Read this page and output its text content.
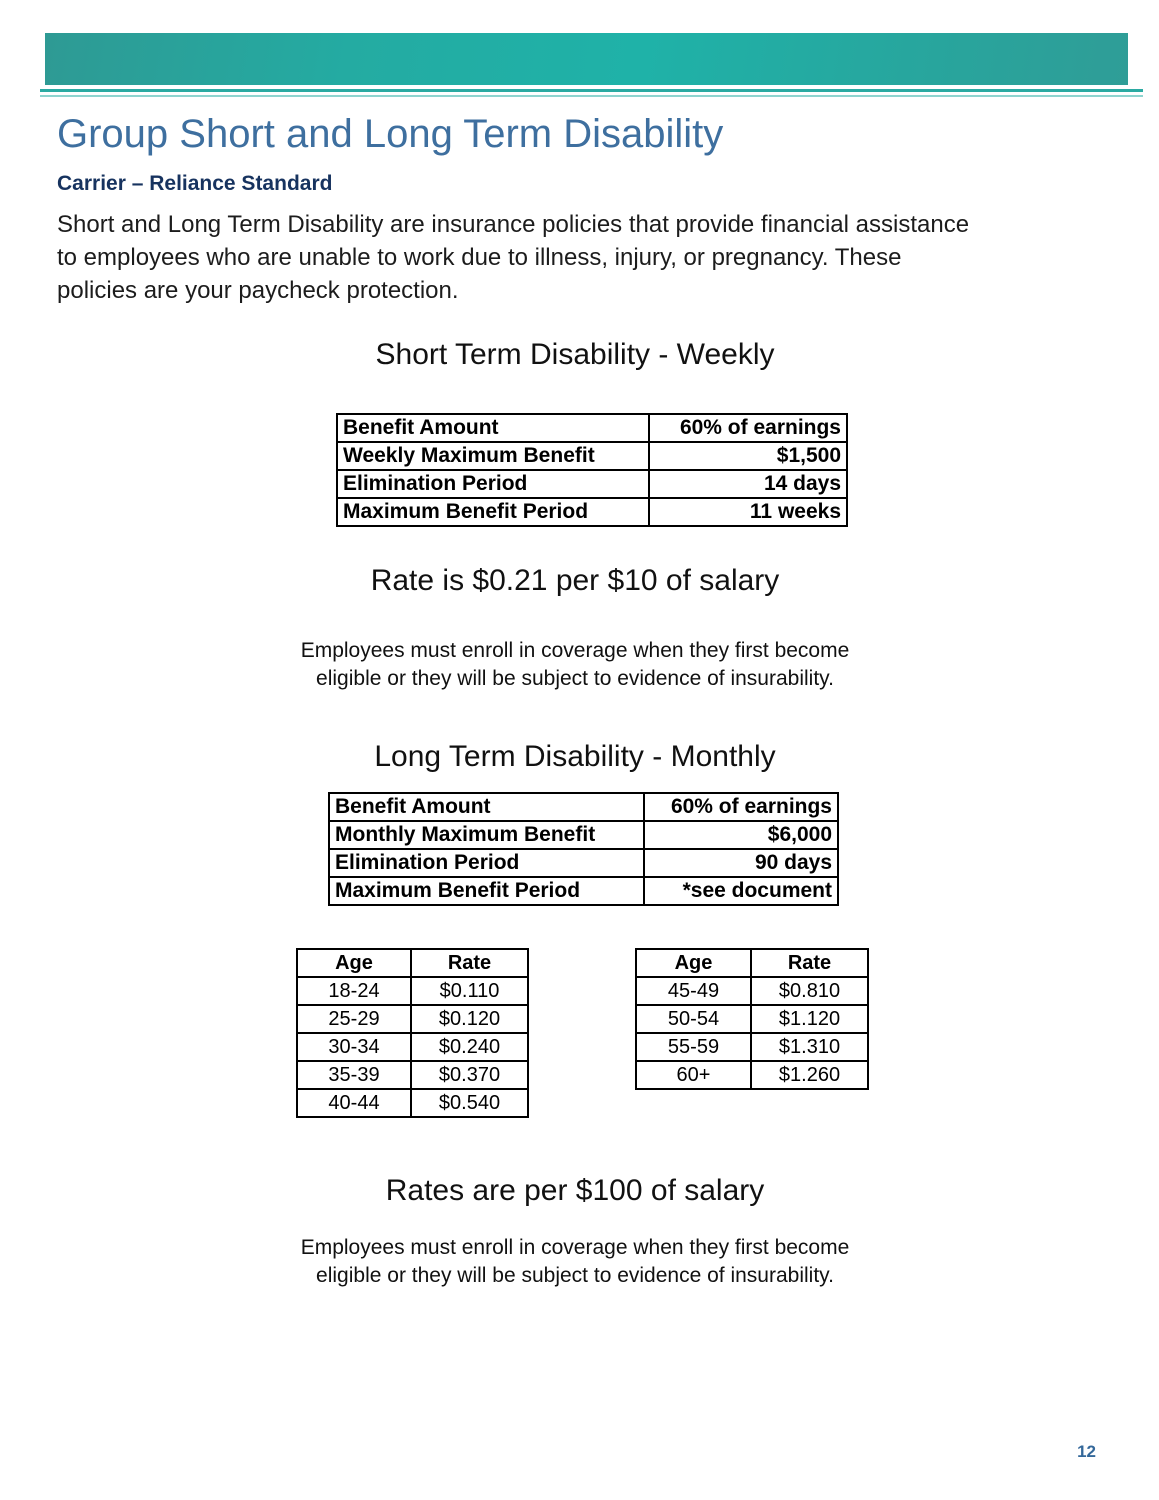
Group Short and Long Term Disability
Carrier – Reliance Standard
Short and Long Term Disability are insurance policies that provide financial assistance
to employees who are unable to work due to illness, injury, or pregnancy. These
policies are your paycheck protection.
Short Term Disability - Weekly
Benefit Amount	60% of earnings
Weekly Maximum Benefit	$1,500
Elimination Period	14 days
Maximum Benefit Period	11 weeks
Rate is $0.21 per $10 of salary
Employees must enroll in coverage when they first become
eligible or they will be subject to evidence of insurability.
Long Term Disability - Monthly
Benefit Amount	60% of earnings
Monthly Maximum Benefit	$6,000
Elimination Period	90 days
Maximum Benefit Period	*see document
Age	Rate
18-24	$0.110
25-29	$0.120
30-34	$0.240
35-39	$0.370
40-44	$0.540
Age	Rate
45-49	$0.810
50-54	$1.120
55-59	$1.310
60+	$1.260
Rates are per $100 of salary
Employees must enroll in coverage when they first become
eligible or they will be subject to evidence of insurability.
12
